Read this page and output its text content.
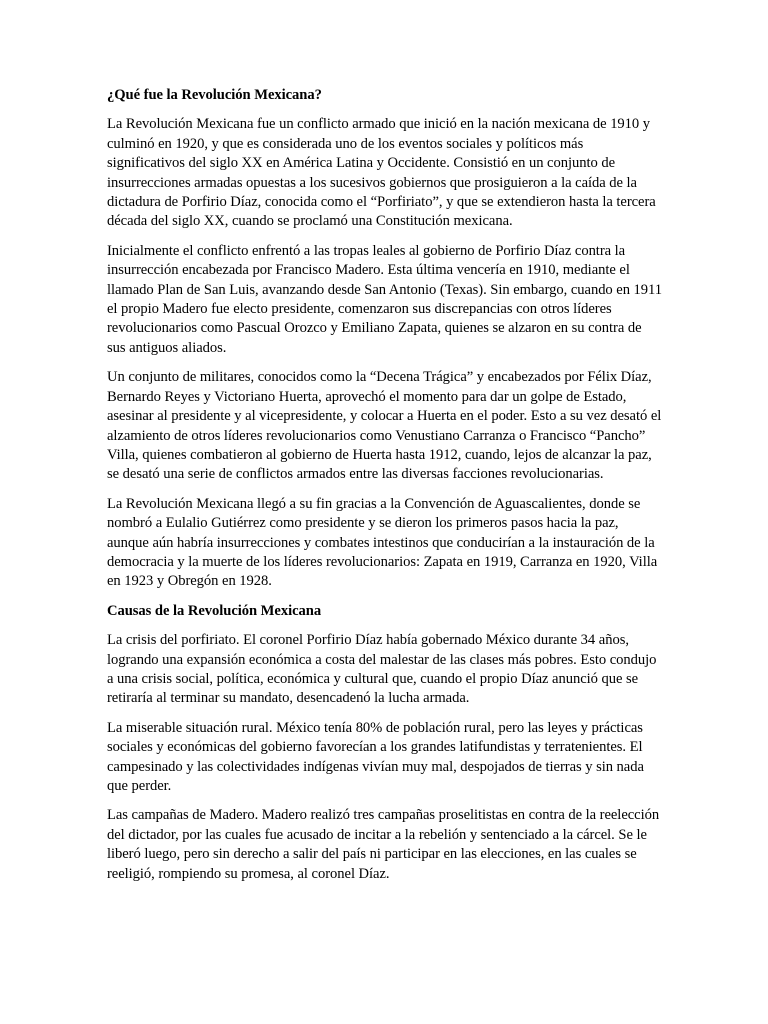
¿Qué fue la Revolución Mexicana?

La Revolución Mexicana fue un conflicto armado que inició en la nación mexicana de 1910 y culminó en 1920, y que es considerada uno de los eventos sociales y políticos más significativos del siglo XX en América Latina y Occidente. Consistió en un conjunto de insurrecciones armadas opuestas a los sucesivos gobiernos que prosiguieron a la caída de la dictadura de Porfirio Díaz, conocida como el “Porfiriato”, y que se extendieron hasta la tercera década del siglo XX, cuando se proclamó una Constitución mexicana.

Inicialmente el conflicto enfrentó a las tropas leales al gobierno de Porfirio Díaz contra la insurrección encabezada por Francisco Madero. Esta última vencería en 1910, mediante el llamado Plan de San Luis, avanzando desde San Antonio (Texas). Sin embargo, cuando en 1911 el propio Madero fue electo presidente, comenzaron sus discrepancias con otros líderes revolucionarios como Pascual Orozco y Emiliano Zapata, quienes se alzaron en su contra de sus antiguos aliados.

Un conjunto de militares, conocidos como la “Decena Trágica” y encabezados por Félix Díaz, Bernardo Reyes y Victoriano Huerta, aprovechó el momento para dar un golpe de Estado, asesinar al presidente y al vicepresidente, y colocar a Huerta en el poder. Esto a su vez desató el alzamiento de otros líderes revolucionarios como Venustiano Carranza o Francisco “Pancho” Villa, quienes combatieron al gobierno de Huerta hasta 1912, cuando, lejos de alcanzar la paz, se desató una serie de conflictos armados entre las diversas facciones revolucionarias.

La Revolución Mexicana llegó a su fin gracias a la Convención de Aguascalientes, donde se nombró a Eulalio Gutiérrez como presidente y se dieron los primeros pasos hacia la paz, aunque aún habría insurrecciones y combates intestinos que conducirían a la instauración de la democracia y la muerte de los líderes revolucionarios: Zapata en 1919, Carranza en 1920, Villa en 1923 y Obregón en 1928.

Causas de la Revolución Mexicana

La crisis del porfiriato. El coronel Porfirio Díaz había gobernado México durante 34 años, logrando una expansión económica a costa del malestar de las clases más pobres. Esto condujo a una crisis social, política, económica y cultural que, cuando el propio Díaz anunció que se retiraría al terminar su mandato, desencadenó la lucha armada.

La miserable situación rural. México tenía 80% de población rural, pero las leyes y prácticas sociales y económicas del gobierno favorecían a los grandes latifundistas y terratenientes. El campesinado y las colectividades indígenas vivían muy mal, despojados de tierras y sin nada que perder.

Las campañas de Madero. Madero realizó tres campañas proselitistas en contra de la reelección del dictador, por las cuales fue acusado de incitar a la rebelión y sentenciado a la cárcel. Se le liberó luego, pero sin derecho a salir del país ni participar en las elecciones, en las cuales se reeligió, rompiendo su promesa, al coronel Díaz.
